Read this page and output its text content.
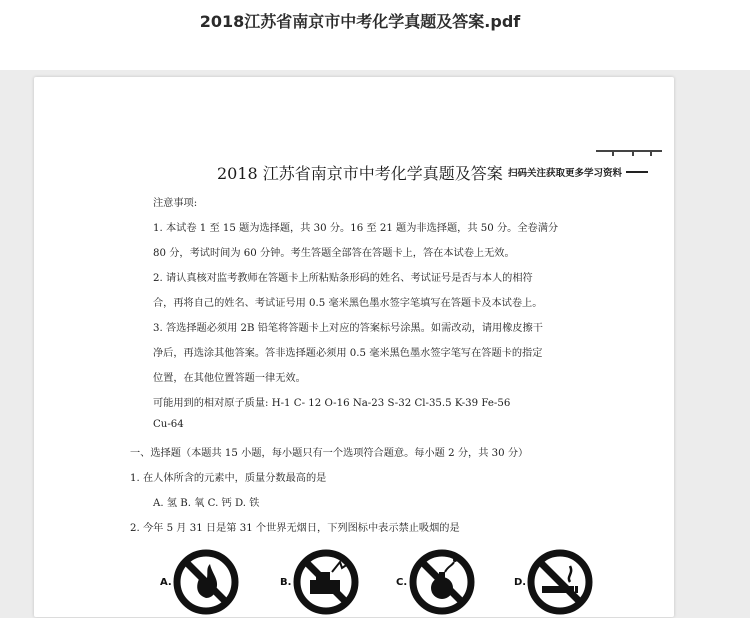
2018江苏省南京市中考化学真题及答案.pdf
2018 江苏省南京市中考化学真题及答案 扫码关注获取更多学习资料
注意事项:
1. 本试卷 1 至 15 题为选择题，共 30 分。16 至 21 题为非选择题，共 50 分。全卷满分
80 分，考试时间为 60 分钟。考生答题全部答在答题卡上，答在本试卷上无效。
2. 请认真核对监考教师在答题卡上所粘贴条形码的姓名、考试证号是否与本人的相符
合，再将自己的姓名、考试证号用 0.5 毫米黑色墨水签字笔填写在答题卡及本试卷上。
3. 答选择题必须用 2B 铅笔将答题卡上对应的答案标号涂黑。如需改动，请用橡皮擦干
净后，再选涂其他答案。答非选择题必须用 0.5 毫米黑色墨水签字笔写在答题卡的指定
位置，在其他位置答题一律无效。
可能用到的相对原子质量: H-1 C- 12 O-16 Na-23 S-32 Cl-35.5 K-39 Fe-56
Cu-64
一、选择题（本题共 15 小题，每小题只有一个选项符合题意。每小题 2 分，共 30 分）
1. 在人体所含的元素中，质量分数最高的是
A. 氢 B. 氧 C. 钙 D. 铁
2. 今年 5 月 31 日是第 31 个世界无烟日，下列图标中表示禁止吸烟的是
A.	B.	C.	D.
